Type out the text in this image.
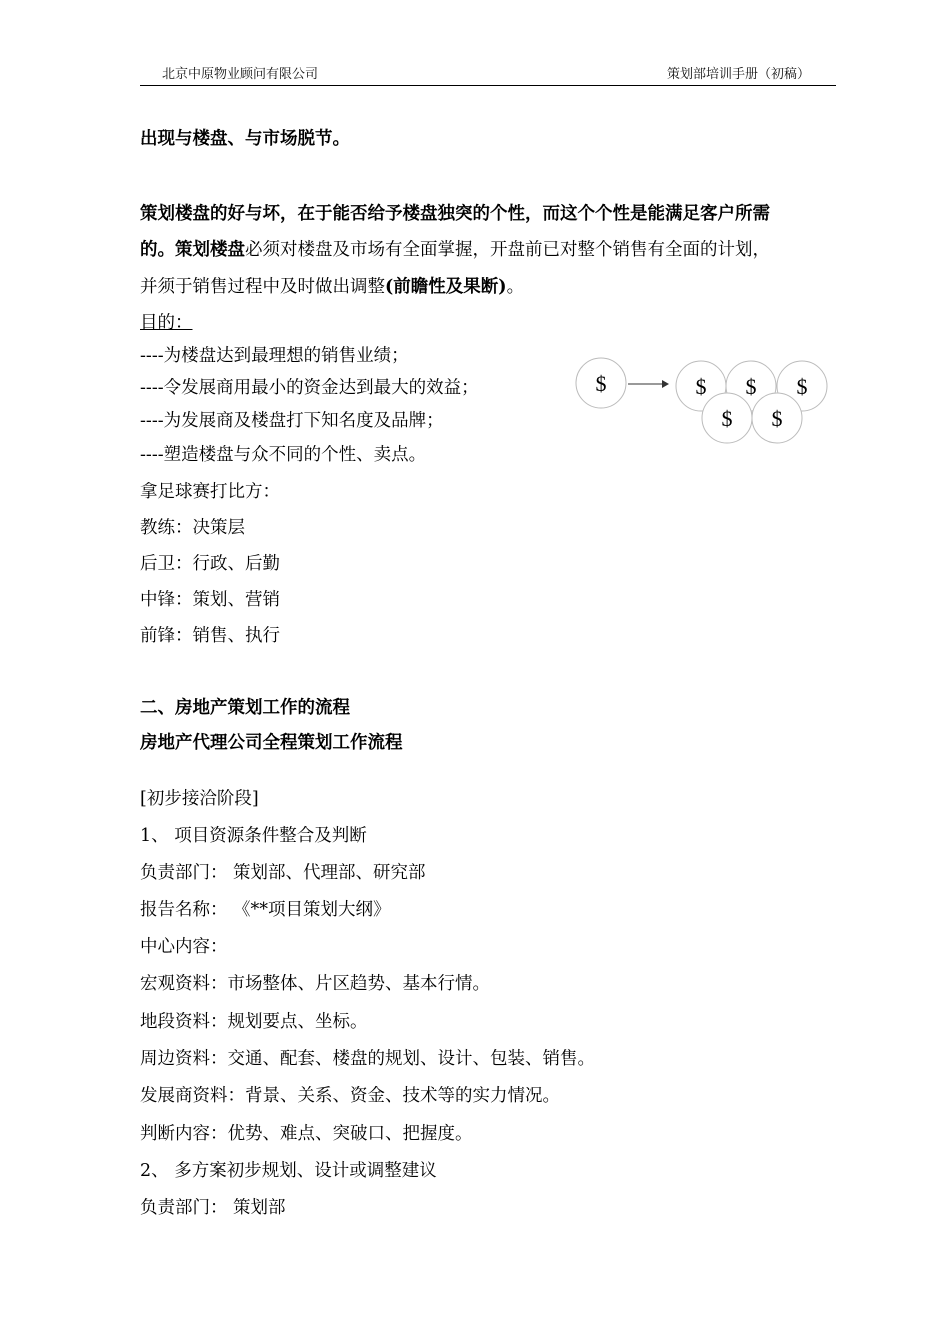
北京中原物业顾问有限公司	策划部培训手册（初稿）
出现与楼盘、与市场脱节。
策划楼盘的好与坏，在于能否给予楼盘独突的个性，而这个个性是能满足客户所需
的。策划楼盘必须对楼盘及市场有全面掌握，开盘前已对整个销售有全面的计划，
并须于销售过程中及时做出调整(前瞻性及果断)。
目的：
----为楼盘达到最理想的销售业绩；
----令发展商用最小的资金达到最大的效益；
----为发展商及楼盘打下知名度及品牌；
----塑造楼盘与众不同的个性、卖点。
$	$ $ $
$ $
拿足球赛打比方：
教练：决策层
后卫：行政、后勤
中锋：策划、营销
前锋：销售、执行
二、房地产策划工作的流程
房地产代理公司全程策划工作流程
[初步接洽阶段]
1、 项目资源条件整合及判断
负责部门： 策划部、代理部、研究部
报告名称： 《**项目策划大纲》
中心内容：
宏观资料：市场整体、片区趋势、基本行情。
地段资料：规划要点、坐标。
周边资料：交通、配套、楼盘的规划、设计、包装、销售。
发展商资料：背景、关系、资金、技术等的实力情况。
判断内容：优势、难点、突破口、把握度。
2、 多方案初步规划、设计或调整建议
负责部门： 策划部
